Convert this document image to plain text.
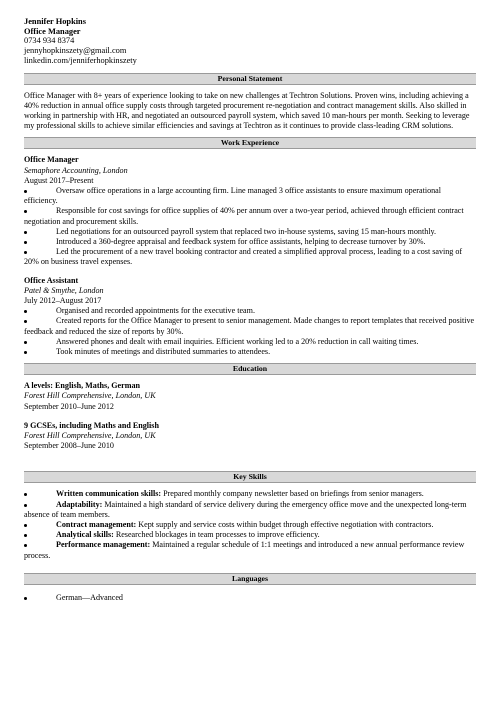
Jennifer Hopkins
Office Manager
0734 934 8374
jennyhopkinszety@gmail.com
linkedin.com/jenniferhopkinszety
Personal Statement

Office Manager with 8+ years of experience looking to take on new challenges at Techtron Solutions. Proven wins, including achieving a 40% reduction in annual office supply costs through targeted procurement re-negotiation and contract management skills. Also skilled in working in partnership with HR, and negotiated an outsourced payroll system, which saved 10 man-hours per month. Seeking to leverage my professional skills to achieve similar efficiencies and savings at Techtron as it continues to provide class-leading CRM solutions.

Work Experience
Office Manager
Semaphore Accounting, London
August 2017–Present
Oversaw office operations in a large accounting firm. Line managed 3 office assistants to ensure maximum operational efficiency.
Responsible for cost savings for office supplies of 40% per annum over a two-year period, achieved through efficient contract negotiation and procurement skills.
Led negotiations for an outsourced payroll system that replaced two in-house systems, saving 15 man-hours monthly.
Introduced a 360-degree appraisal and feedback system for office assistants, helping to decrease turnover by 30%.
Led the procurement of a new travel booking contractor and created a simplified approval process, leading to a cost saving of 20% on business travel expenses.
Office Assistant
Patel & Smythe, London
July 2012–August 2017
Organised and recorded appointments for the executive team.
Created reports for the Office Manager to present to senior management. Made changes to report templates that received positive feedback and reduced the size of reports by 30%.
Answered phones and dealt with email inquiries. Efficient working led to a 20% reduction in call waiting times.
Took minutes of meetings and distributed summaries to attendees.
Education
A levels: English, Maths, German
Forest Hill Comprehensive, London, UK
September 2010–June 2012
9 GCSEs, including Maths and English
Forest Hill Comprehensive, London, UK
September 2008–June 2010
Key Skills
Written communication skills: Prepared monthly company newsletter based on briefings from senior managers.
Adaptability: Maintained a high standard of service delivery during the emergency office move and the unexpected long-term absence of team members.
Contract management: Kept supply and service costs within budget through effective negotiation with contractors.
Analytical skills: Researched blockages in team processes to improve efficiency.
Performance management: Maintained a regular schedule of 1:1 meetings and introduced a new annual performance review process.
Languages
German—Advanced
